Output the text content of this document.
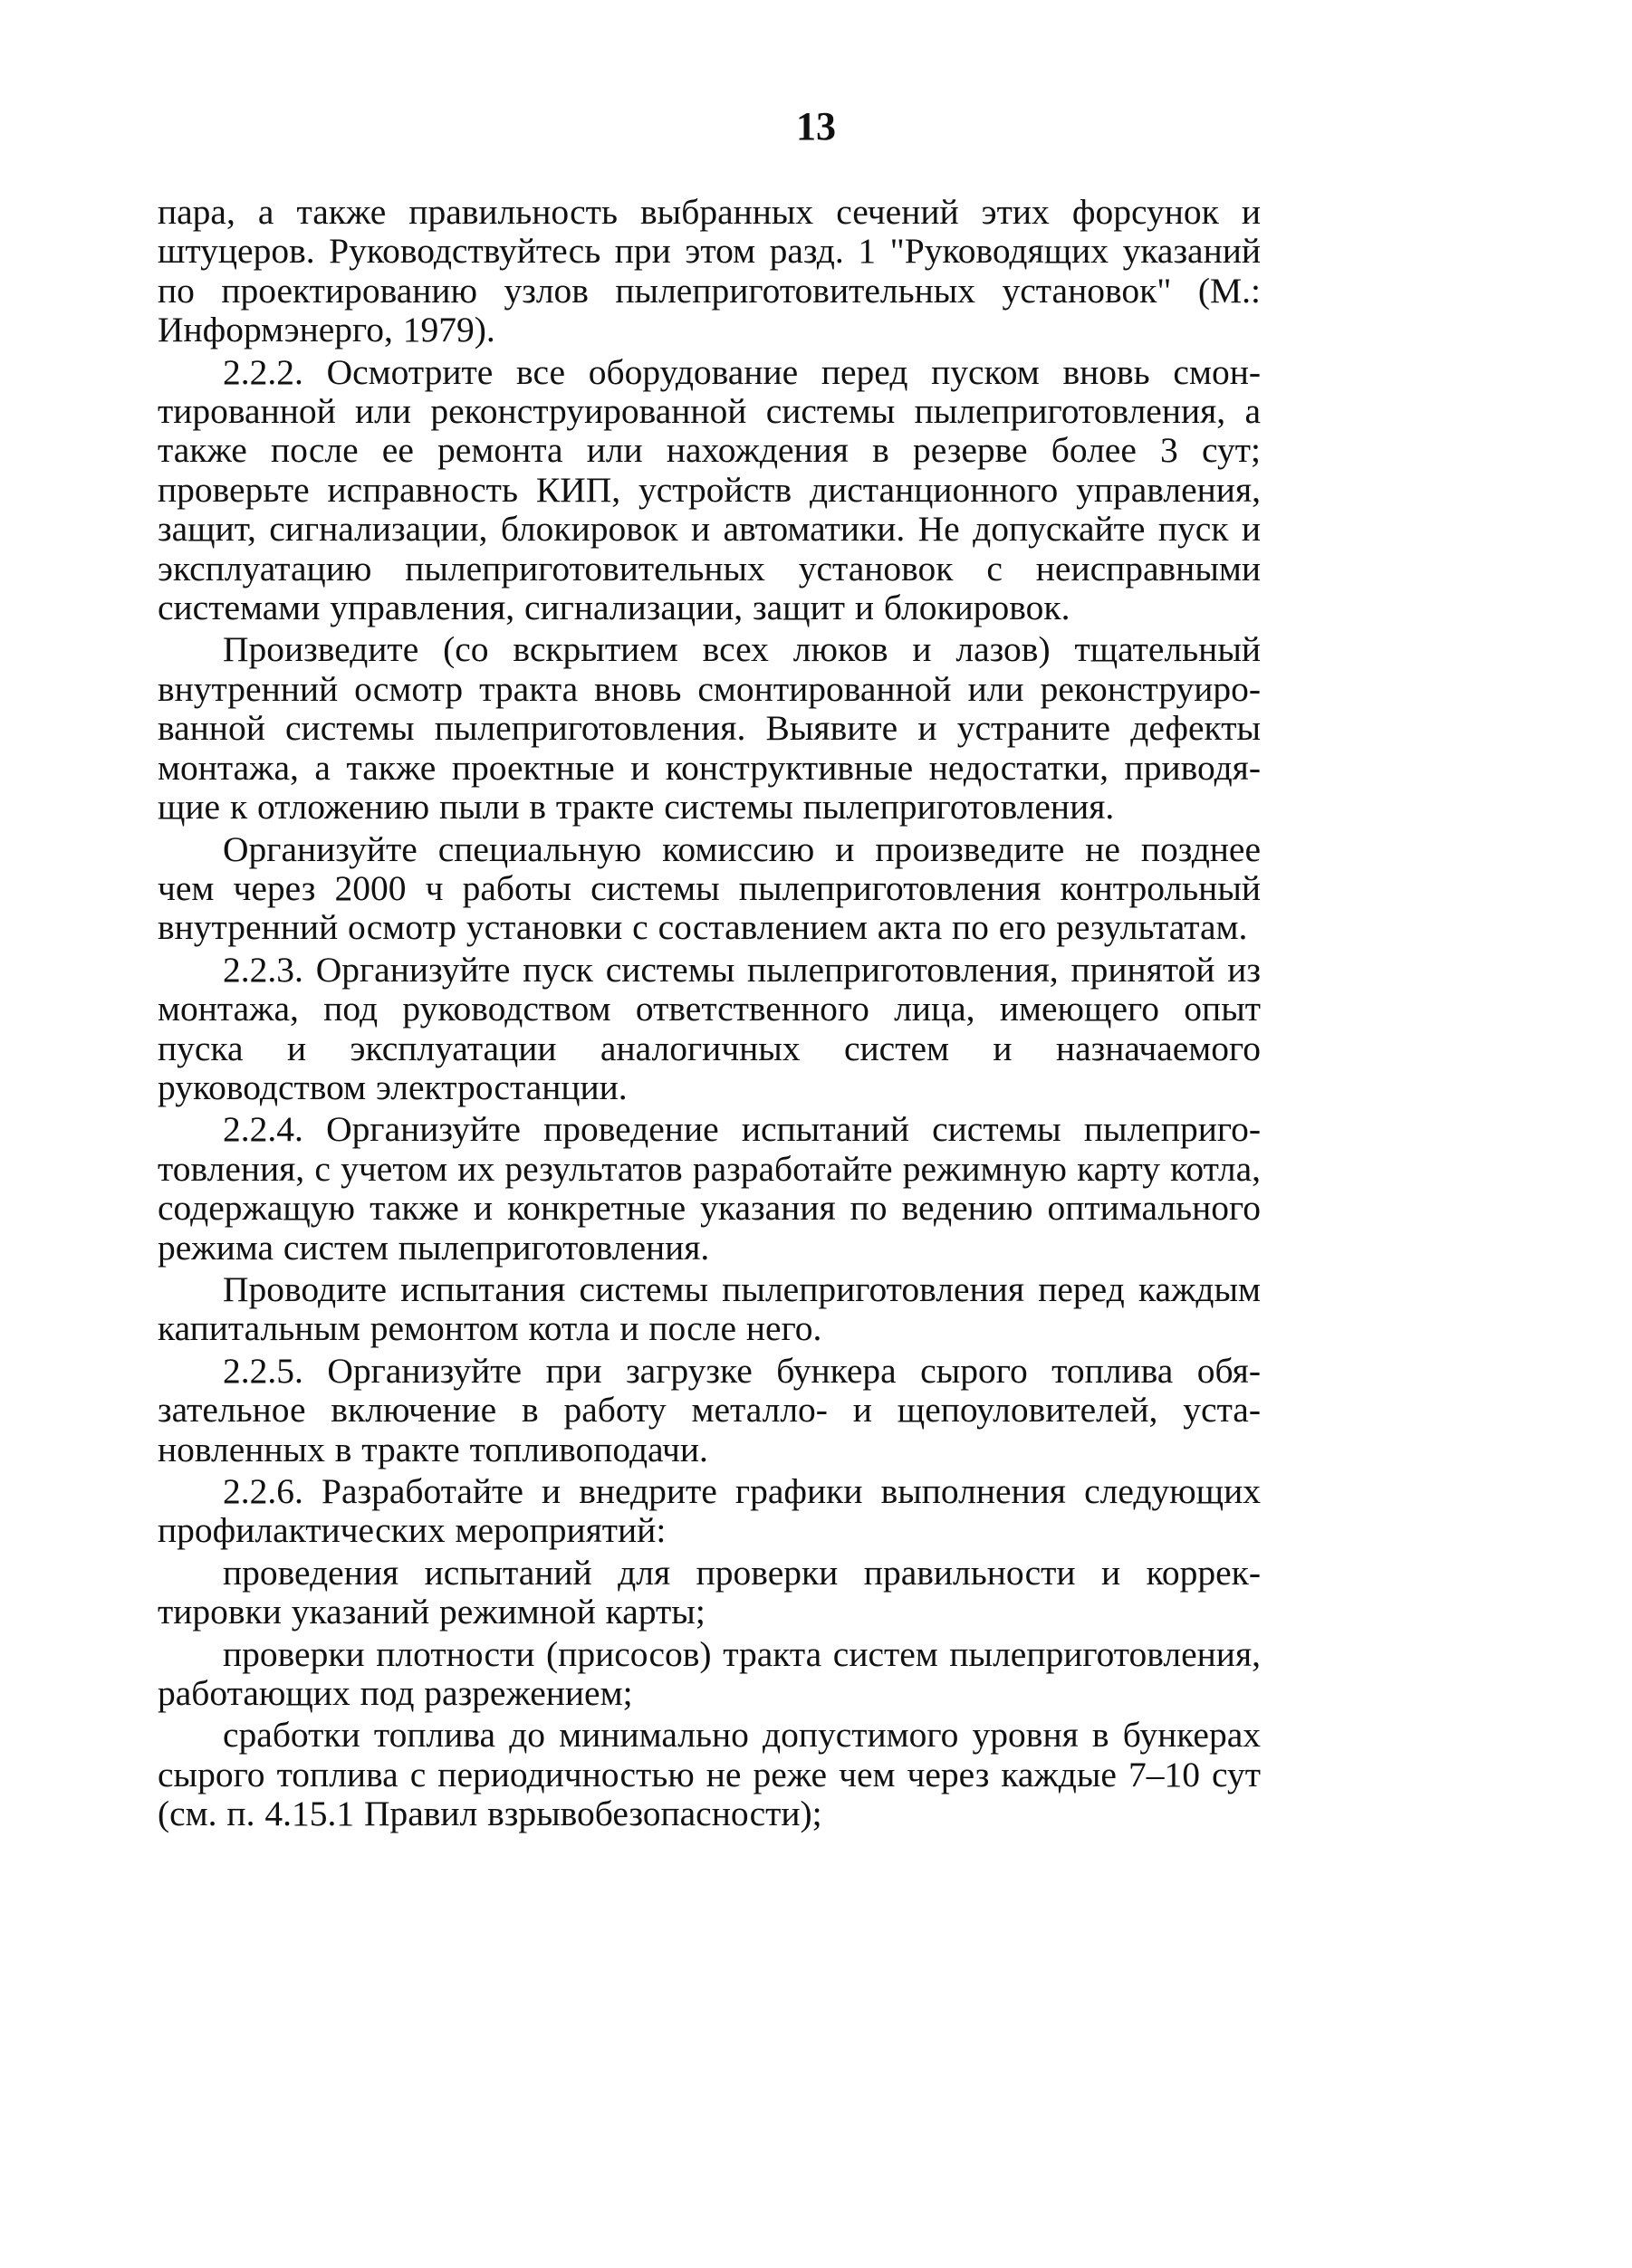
13

пара, а также правильность выбранных сечений этих форсунок и штуцеров. Руководствуйтесь при этом разд. 1 "Руководящих указаний по проектированию узлов пылеприготовительных установок" (М.: Информэнерго, 1979).

2.2.2. Осмотрите все оборудование перед пуском вновь смонтированной или реконструированной системы пылеприготовления, а также после ее ремонта или нахождения в резерве более 3 сут; проверьте исправность КИП, устройств дистанционного управления, защит, сигнализации, блокировок и автоматики. Не допускайте пуск и эксплуатацию пылеприготовительных установок с неисправными системами управления, сигнализации, защит и блокировок.

Произведите (со вскрытием всех люков и лазов) тщательный внутренний осмотр тракта вновь смонтированной или реконструированной системы пылеприготовления. Выявите и устраните дефекты монтажа, а также проектные и конструктивные недостатки, приводящие к отложению пыли в тракте системы пылеприготовления.

Организуйте специальную комиссию и произведите не позднее чем через 2000 ч работы системы пылеприготовления контрольный внутренний осмотр установки с составлением акта по его результатам.

2.2.3. Организуйте пуск системы пылеприготовления, принятой из монтажа, под руководством ответственного лица, имеющего опыт пуска и эксплуатации аналогичных систем и назначаемого руководством электростанции.

2.2.4. Организуйте проведение испытаний системы пылеприготовления, с учетом их результатов разработайте режимную карту котла, содержащую также и конкретные указания по ведению оптимального режима систем пылеприготовления.

Проводите испытания системы пылеприготовления перед каждым капитальным ремонтом котла и после него.

2.2.5. Организуйте при загрузке бункера сырого топлива обязательное включение в работу металло- и щепоуловителей, установленных в тракте топливоподачи.

2.2.6. Разработайте и внедрите графики выполнения следующих профилактических мероприятий:

проведения испытаний для проверки правильности и корректировки указаний режимной карты;

проверки плотности (присосов) тракта систем пылеприготовления, работающих под разрежением;

сработки топлива до минимально допустимого уровня в бункерах сырого топлива с периодичностью не реже чем через каждые 7–10 сут (см. п. 4.15.1 Правил взрывобезопасности);
